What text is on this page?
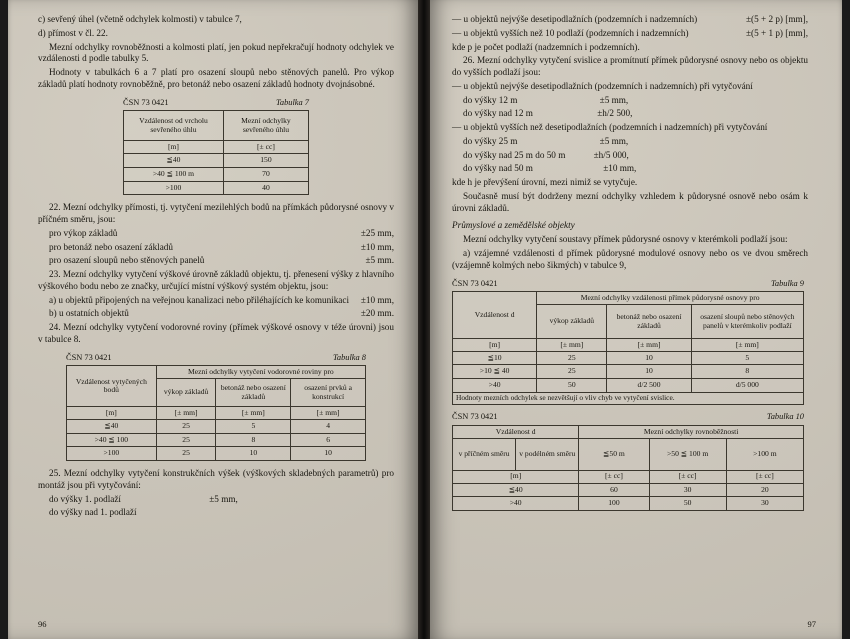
c) sevřený úhel (včetně odchylek kolmosti) v tabulce 7,

d) přímost v čl. 22.

Mezní odchylky rovnoběžnosti a kolmosti platí, jen pokud nepřekračují hodnoty odchylek ve vzdálenosti d podle tabulky 5.

Hodnoty v tabulkách 6 a 7 platí pro osazení sloupů nebo stěnových panelů. Pro výkop základů platí hodnoty rovnoběžně, pro betonáž nebo osazení základů hodnoty dvojnásobné.

ČSN 73 0421	Tabulka 7
Vzdálenost od vrcholu sevřeného úhlu	Mezní odchylky sevřeného úhlu
[m]	[± cc]
≦40	150
>40 ≦ 100 m	70
>100	40

22. Mezní odchylky přímosti, tj. vytyčení mezilehlých bodů na přímkách půdorysné osnovy v příčném směru, jsou:

pro výkop základů	±25 mm,

pro betonáž nebo osazení základů	±10 mm,

pro osazení sloupů nebo stěnových panelů	±5 mm.

23. Mezní odchylky vytyčení výškové úrovně základů objektu, tj. přenesení výšky z hlavního výškového bodu nebo ze značky, určující místní výškový systém objektu, jsou:

a) u objektů připojených na veřejnou kanalizaci nebo přiléhajících ke komunikaci ±10 mm,

b) u ostatních objektů	±20 mm.

24. Mezní odchylky vytyčení vodorovné roviny (přímek výškové osnovy v téže úrovni) jsou v tabulce 8.

ČSN 73 0421	Tabulka 8
Vzdálenost vytyčených bodů	Mezní odchylky vytyčení vodorovné roviny pro		
	výkop základů	betonáž nebo osazení základů	osazení prvků a konstrukcí
[m]	[± mm]	[± mm]	[± mm]
≦40	25	5	4
>40 ≦ 100	25	8	6
>100	25	10	10

25. Mezní odchylky vytyčení konstrukčních výšek (výškových skladebných parametrů) pro montáž jsou při vytyčování:

do výšky 1. podlaží	±5 mm,

do výšky nad 1. podlaží

96

— u objektů nejvýše desetipodlažních (podzemních i nadzemních)	±(5 + 2 p) [mm],

— u objektů vyšších než 10 podlaží (podzemních i nadzemních)	±(5 + 1 p) [mm],

kde p je počet podlaží (nadzemních i podzemních).

26. Mezní odchylky vytyčení svislice a promítnutí přímek půdorysné osnovy nebo os objektu do vyšších podlaží jsou:

— u objektů nejvýše desetipodlažních (podzemních i nadzemních) při vytyčování

do výšky 12 m	±5 mm,

do výšky nad 12 m	±h/2 500,

— u objektů vyšších než desetipodlažních (podzemních i nadzemních) při vytyčování

do výšky 25 m	±5 mm,

do výšky nad 25 m do 50 m	±h/5 000,

do výšky nad 50 m	±10 mm,

kde h je převýšení úrovní, mezi nimiž se vytyčuje.

Současně musí být dodrženy mezní odchylky vzhledem k půdorysné osnově nebo osám k úrovni základů.

Průmyslové a zemědělské objekty

Mezní odchylky vytyčení soustavy přímek půdorysné osnovy v kterémkoli podlaží jsou:

a) vzájemné vzdálenosti d přímek půdorysné modulové osnovy nebo os ve dvou směrech (vzájemně kolmých nebo šikmých) v tabulce 9,

ČSN 73 0421	Tabulka 9
Vzdálenost d	Mezní odchylky vzdálenosti přímek půdorysné osnovy pro		
	výkop základů	betonáž nebo osazení základů	osazení sloupů nebo stěnových panelů v kterémkoliv podlaží
[m]	[± mm]	[± mm]	[± mm]
≦10	25	10	5
>10 ≦ 40	25	10	8
>40	50	d/2 500	d/5 000
Hodnoty mezních odchylek se nezvětšují o vliv chyb ve vytyčení svislice.			
ČSN 73 0421	Tabulka 10
Vzdálenost d		Mezní odchylky rovnoběžnosti		
v příčném směru	v podélném směru	≦50 m	>50 ≦ 100 m	>100 m
[m]		[± cc]	[± cc]	[± cc]
≦40		60	30	20
>40		100	50	30
97
